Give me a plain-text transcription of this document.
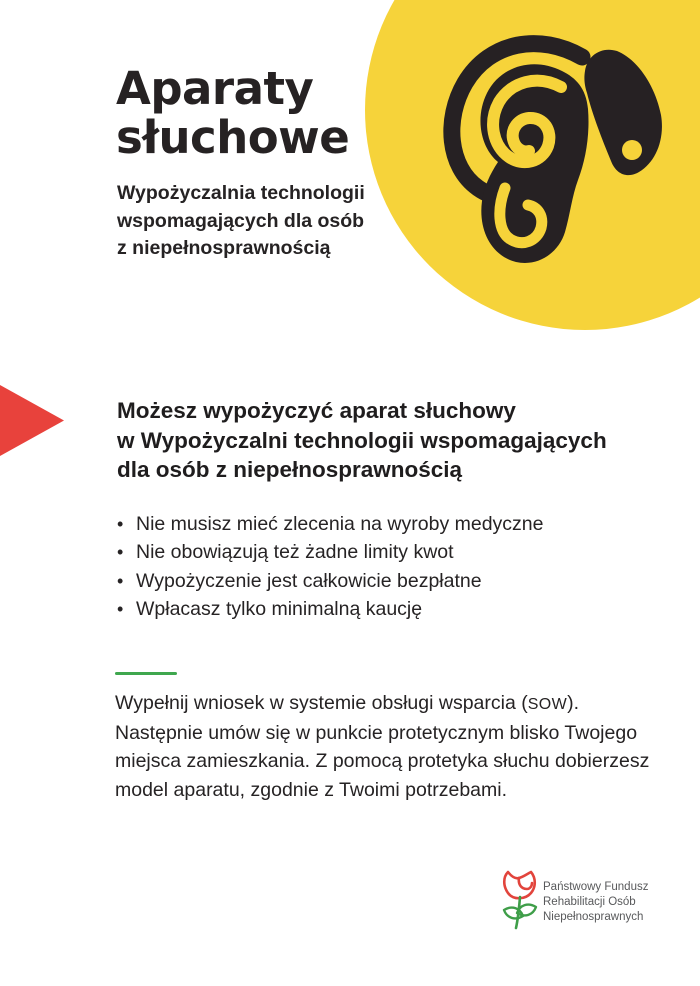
Aparaty
słuchowe
Wypożyczalnia technologii
wspomagających dla osób
z niepełnosprawnością
Możesz wypożyczyć aparat słuchowy
w Wypożyczalni technologii wspomagających
dla osób z niepełnosprawnością
• Nie musisz mieć zlecenia na wyroby medyczne
• Nie obowiązują też żadne limity kwot
• Wypożyczenie jest całkowicie bezpłatne
• Wpłacasz tylko minimalną kaucję
Wypełnij wniosek w systemie obsługi wsparcia (SOW).
Następnie umów się w punkcie protetycznym blisko Twojego
miejsca zamieszkania. Z pomocą protetyka słuchu dobierzesz
model aparatu, zgodnie z Twoimi potrzebami.
Państwowy Fundusz
Rehabilitacji Osób
Niepełnosprawnych
